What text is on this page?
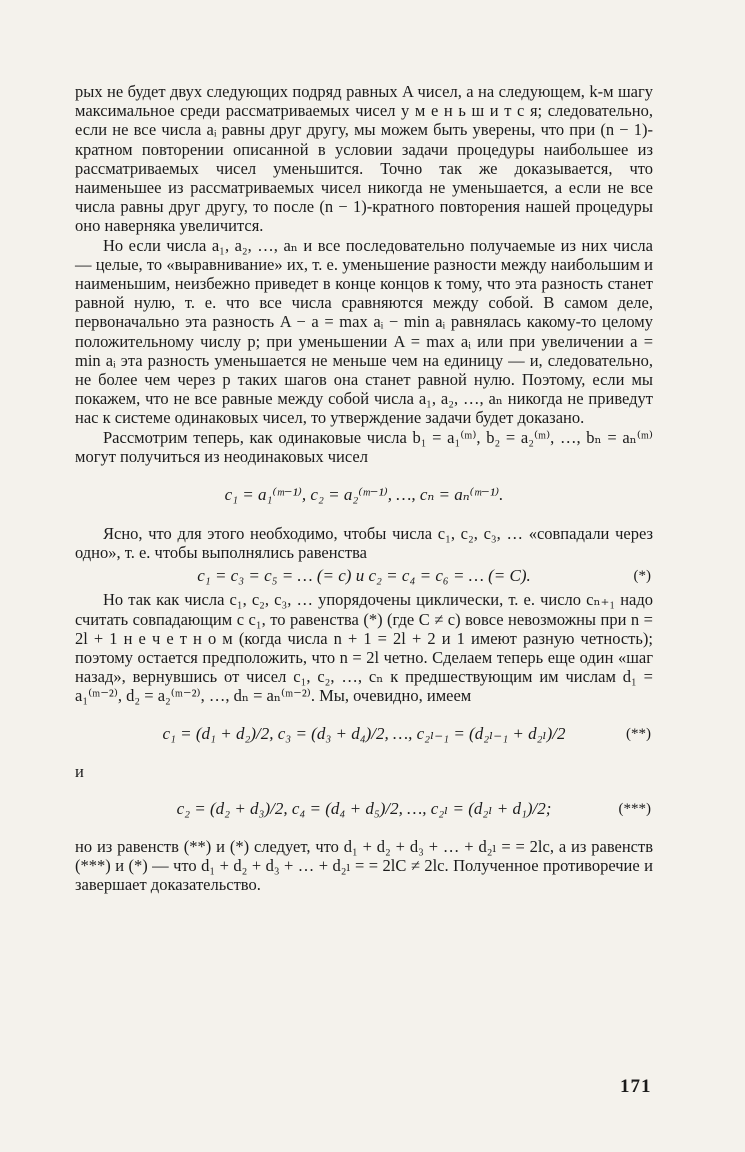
рых не будет двух следующих подряд равных A чисел, а на следующем, k-м шагу максимальное среди рассматриваемых чисел у м е н ь ш и т с я; следовательно, если не все числа aᵢ равны друг другу, мы можем быть уверены, что при (n − 1)-кратном повторении описанной в условии задачи процедуры наибольшее из рассматриваемых чисел уменьшится. Точно так же доказывается, что наименьшее из рассматриваемых чисел никогда не уменьшается, а если не все числа равны друг другу, то после (n − 1)-кратного повторения нашей процедуры оно наверняка увеличится.

Но если числа a₁, a₂, …, aₙ и все последовательно получаемые из них числа — целые, то «выравнивание» их, т. е. уменьшение разности между наибольшим и наименьшим, неизбежно приведет в конце концов к тому, что эта разность станет равной нулю, т. е. что все числа сравняются между собой. В самом деле, первоначально эта разность A − a = max aᵢ − min aᵢ равнялась какому-то целому положительному числу p; при уменьшении A = max aᵢ или при увеличении a = min aᵢ эта разность уменьшается не меньше чем на единицу — и, следовательно, не более чем через p таких шагов она станет равной нулю. Поэтому, если мы покажем, что не все равные между собой числа a₁, a₂, …, aₙ никогда не приведут нас к системе одинаковых чисел, то утверждение задачи будет доказано.

Рассмотрим теперь, как одинаковые числа b₁ = a₁⁽ᵐ⁾, b₂ = a₂⁽ᵐ⁾, …, bₙ = aₙ⁽ᵐ⁾ могут получиться из неодинаковых чисел

c₁ = a₁⁽ᵐ⁻¹⁾, c₂ = a₂⁽ᵐ⁻¹⁾, …, cₙ = aₙ⁽ᵐ⁻¹⁾.

Ясно, что для этого необходимо, чтобы числа c₁, c₂, c₃, … «совпадали через одно», т. е. чтобы выполнялись равенства

c₁ = c₃ = c₅ = … (= c) и c₂ = c₄ = c₆ = … (= C).	(*)

Но так как числа c₁, c₂, c₃, … упорядочены циклически, т. е. число cₙ₊₁ надо считать совпадающим с c₁, то равенства (*) (где C ≠ c) вовсе невозможны при n = 2l + 1 н е ч е т н о м (когда числа n + 1 = 2l + 2 и 1 имеют разную четность); поэтому остается предположить, что n = 2l четно. Сделаем теперь еще один «шаг назад», вернувшись от чисел c₁, c₂, …, cₙ к предшествующим им числам d₁ = a₁⁽ᵐ⁻²⁾, d₂ = a₂⁽ᵐ⁻²⁾, …, dₙ = aₙ⁽ᵐ⁻²⁾. Мы, очевидно, имеем

c₁ = (d₁ + d₂)/2, c₃ = (d₃ + d₄)/2, …, c₂ₗ₋₁ = (d₂ₗ₋₁ + d₂ₗ)/2	(**)

и

c₂ = (d₂ + d₃)/2, c₄ = (d₄ + d₅)/2, …, c₂ₗ = (d₂ₗ + d₁)/2;	(***)

но из равенств (**) и (*) следует, что d₁ + d₂ + d₃ + … + d₂ₗ = = 2lc, а из равенств (***) и (*) — что d₁ + d₂ + d₃ + … + d₂ₗ = = 2lC ≠ 2lc. Полученное противоречие и завершает доказательство.

171
